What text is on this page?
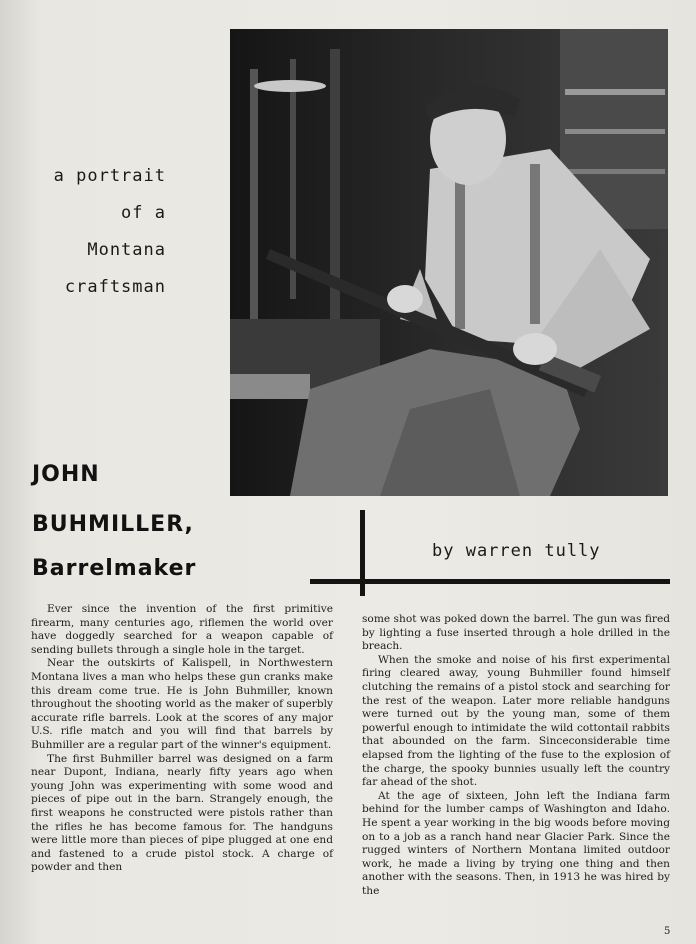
a portrait
of a
Montana
craftsman
JOHN
BUHMILLER,
Barrelmaker
by warren tully

Ever since the invention of the first primitive firearm, many centuries ago, riflemen the world over have doggedly searched for a weapon capable of sending bullets through a single hole in the target.

Near the outskirts of Kalispell, in Northwestern Montana lives a man who helps these gun cranks make this dream come true. He is John Buhmiller, known throughout the shooting world as the maker of superbly accurate rifle barrels. Look at the scores of any major U.S. rifle match and you will find that barrels by Buhmiller are a regular part of the winner's equipment.

The first Buhmiller barrel was designed on a farm near Dupont, Indiana, nearly fifty years ago when young John was experimenting with some wood and pieces of pipe out in the barn. Strangely enough, the first weapons he constructed were pistols rather than the rifles he has become famous for. The handguns were little more than pieces of pipe plugged at one end and fastened to a crude pistol stock. A charge of powder and then

some shot was poked down the barrel. The gun was fired by lighting a fuse inserted through a hole drilled in the breach.

When the smoke and noise of his first experimental firing cleared away, young Buhmiller found himself clutching the remains of a pistol stock and searching for the rest of the weapon. Later more reliable handguns were turned out by the young man, some of them powerful enough to intimidate the wild cottontail rabbits that abounded on the farm. Sinceconsiderable time elapsed from the lighting of the fuse to the explosion of the charge, the spooky bunnies usually left the country far ahead of the shot.

At the age of sixteen, John left the Indiana farm behind for the lumber camps of Washington and Idaho. He spent a year working in the big woods before moving on to a job as a ranch hand near Glacier Park. Since the rugged winters of Northern Montana limited outdoor work, he made a living by trying one thing and then another with the seasons. Then, in 1913 he was hired by the

5
